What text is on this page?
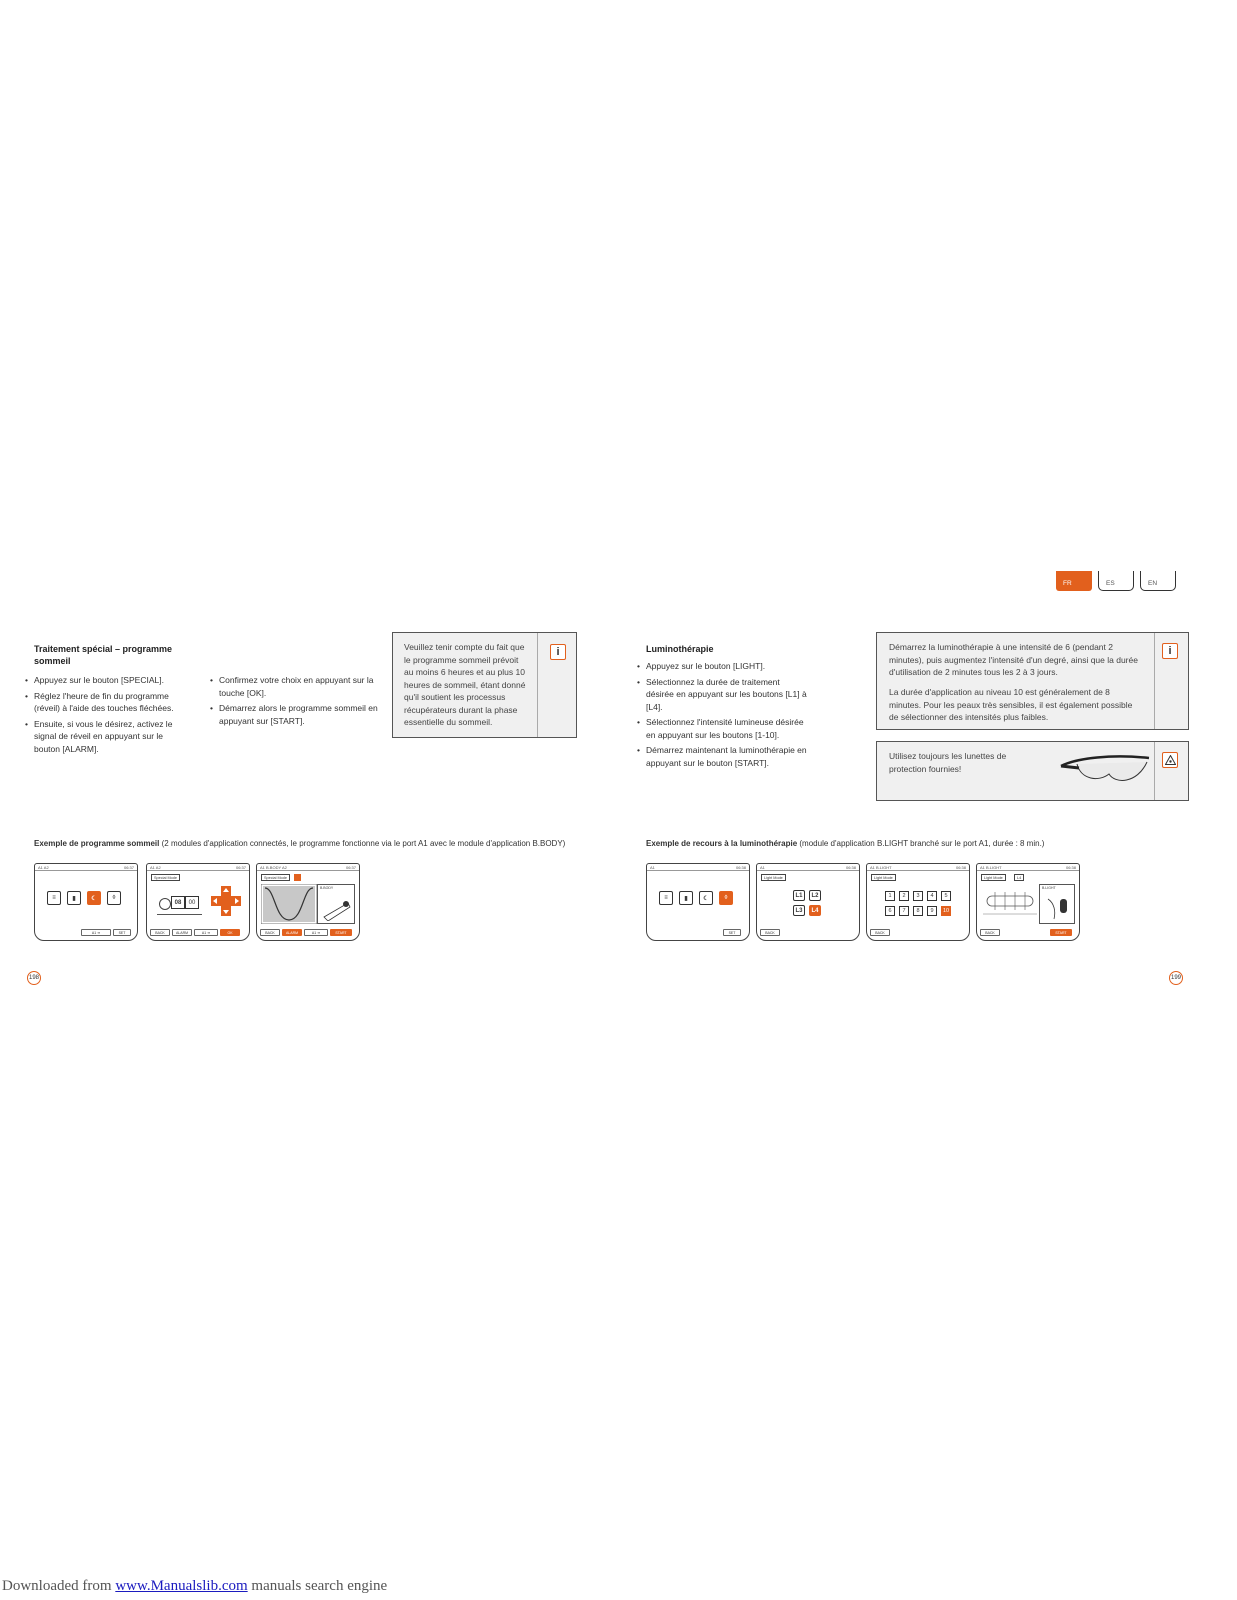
FR	ES	EN
Traitement spécial – programme sommeil
• Appuyez sur le bouton [SPECIAL].
• Réglez l'heure de fin du programme (réveil) à l'aide des touches fléchées.
• Ensuite, si vous le désirez, activez le signal de réveil en appuyant sur le bouton [ALARM].
• Confirmez votre choix en appuyant sur la touche [OK].
• Démarrez alors le programme sommeil en appuyant sur [START].

Veuillez tenir compte du fait que le programme sommeil prévoit au moins 6 heures et au plus 10 heures de sommeil, étant donné qu'il soutient les processus récupérateurs durant la phase essentielle du sommeil.

i
Exemple de programme sommeil (2 modules d'application connectés, le programme fonctionne via le port A1 avec le module d'application B.BODY)
A1 A2	06:37
≡	▮	☾	◊
A1 ➜	SET
A1 A2	06:37
Special Mode
08	00
BACK	ALARM	A1 ➜	OK
A1 B.BODY A2	06:37
Special Mode
B.BODY
BACK	ALARM	A1 ➜	START
198
Luminothérapie
• Appuyez sur le bouton [LIGHT].
• Sélectionnez la durée de traitement désirée en appuyant sur les boutons [L1] à [L4].
• Sélectionnez l'intensité lumineuse désirée en appuyant sur les boutons [1-10].
• Démarrez maintenant la luminothérapie en appuyant sur le bouton [START].

Démarrez la luminothérapie à une intensité de 6 (pendant 2 minutes), puis augmentez l'intensité d'un degré, ainsi que la durée d'utilisation de 2 minutes tous les 2 à 3 jours.

La durée d'application au niveau 10 est généralement de 8 minutes. Pour les peaux très sensibles, il est également possible de sélectionner des intensités plus faibles.

i

Utilisez toujours les lunettes de protection fournies!

Exemple de recours à la luminothérapie (module d'application B.LIGHT branché sur le port A1, durée : 8 min.)
A1	06:38
≡	▮	☾	◊
SET
A1	06:38
Light Mode
L1	L2
L3	L4
BACK
A1 B.LIGHT	06:38
Light Mode
1	2	3	4	5
6	7	8	9	10
BACK
A1 B.LIGHT	06:38
Light Mode	L4
B.LIGHT
BACK	START
199
Downloaded from www.Manualslib.com manuals search engine
